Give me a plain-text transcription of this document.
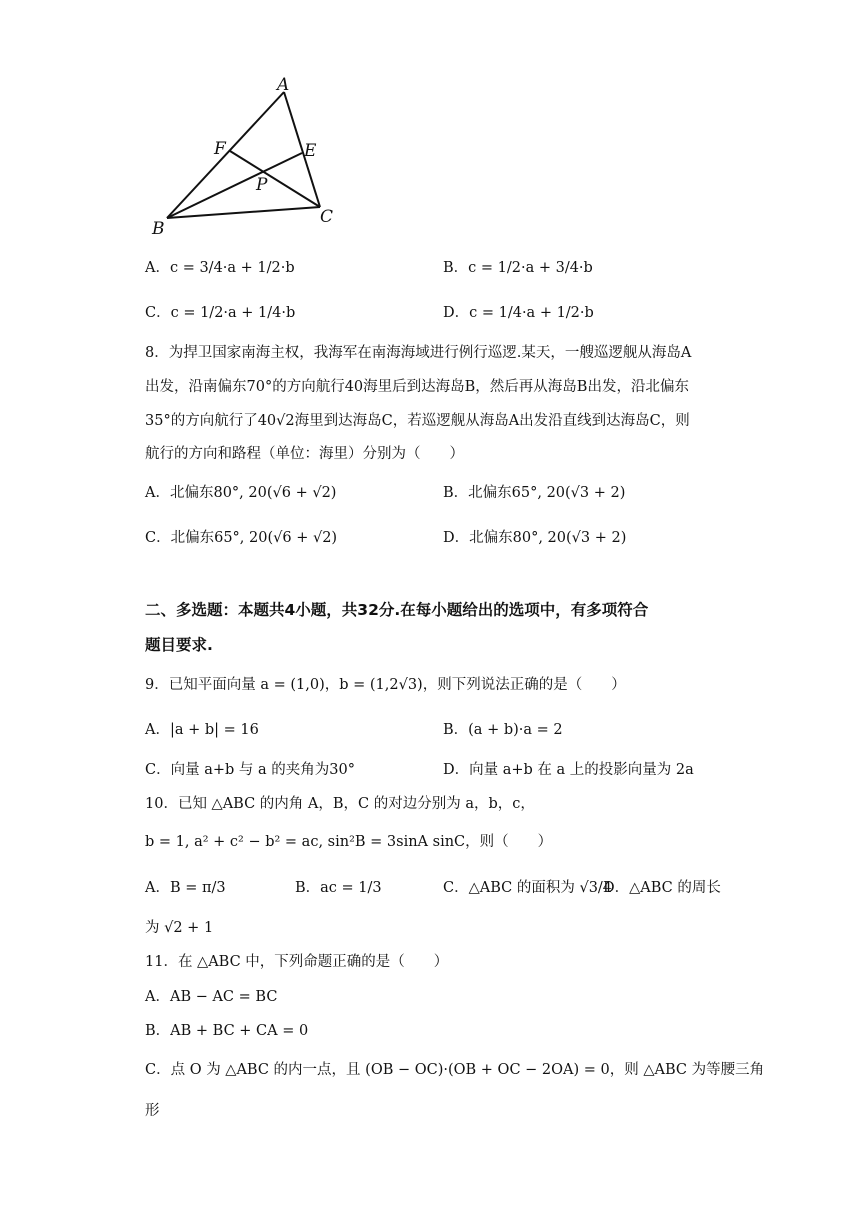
A
B
C
E
F
P
A．c = 3/4·a + 1/2·b	B．c = 1/2·a + 3/4·b
C．c = 1/2·a + 1/4·b	D．c = 1/4·a + 1/2·b
8．为捍卫国家南海主权，我海军在南海海域进行例行巡逻.某天，一艘巡逻舰从海岛A
出发，沿南偏东70°的方向航行40海里后到达海岛B，然后再从海岛B出发，沿北偏东
35°的方向航行了40√2海里到达海岛C，若巡逻舰从海岛A出发沿直线到达海岛C，则
航行的方向和路程（单位：海里）分别为（　　）
A．北偏东80°, 20(√6 + √2)	B．北偏东65°, 20(√3 + 2)
C．北偏东65°, 20(√6 + √2)	D．北偏东80°, 20(√3 + 2)
二、多选题：本题共4小题，共32分.在每小题给出的选项中，有多项符合
题目要求.
9．已知平面向量 a = (1,0)，b = (1,2√3)，则下列说法正确的是（　　）
A．|a + b| = 16	B．(a + b)·a = 2
C．向量 a+b 与 a 的夹角为30°	D．向量 a+b 在 a 上的投影向量为 2a
10．已知 △ABC 的内角 A，B，C 的对边分别为 a，b，c，
b = 1, a² + c² − b² = ac, sin²B = 3sinA sinC，则（　　）
A．B = π/3	B．ac = 1/3	C．△ABC 的面积为 √3/4
D．△ABC 的周长
为 √2 + 1
11．在 △ABC 中，下列命题正确的是（　　）
A．AB − AC = BC
B．AB + BC + CA = 0
C．点 O 为 △ABC 的内一点，且 (OB − OC)·(OB + OC − 2OA) = 0，则 △ABC 为等腰三角
形
